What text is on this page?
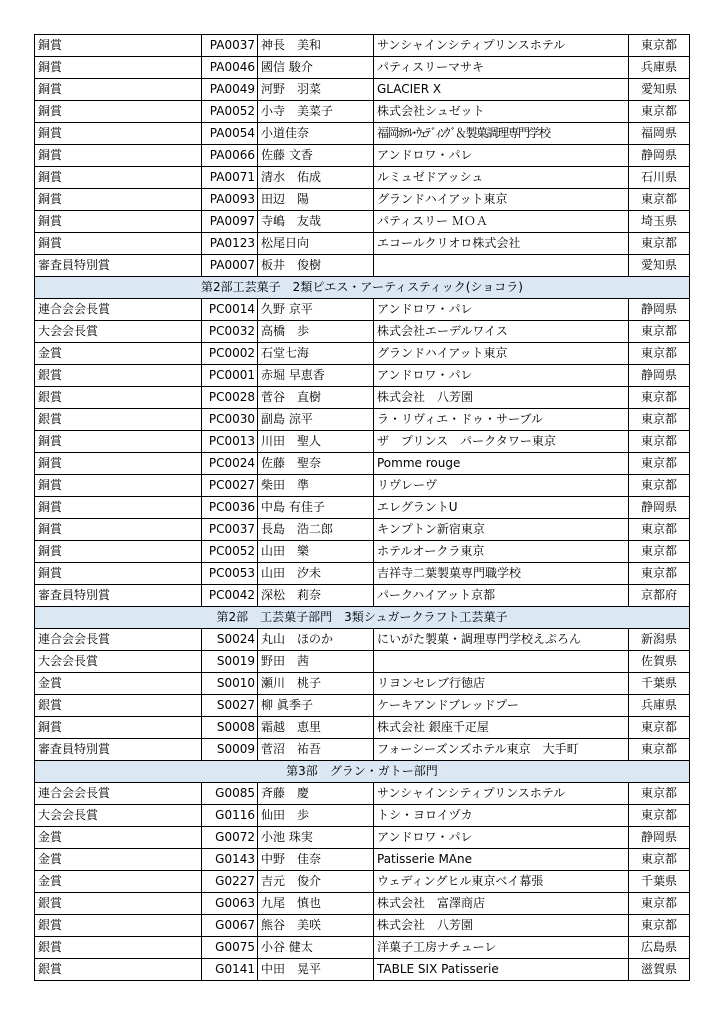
銅賞	PA0037	神長　美和	サンシャインシティプリンスホテル	東京都
銅賞	PA0046	國信 駿介	パティスリーマサキ	兵庫県
銅賞	PA0049	河野　羽菜	GLACIER X	愛知県
銅賞	PA0052	小寺　美菜子	株式会社シュゼット	東京都
銅賞	PA0054	小道佳奈	福岡ﾎﾃﾙ･ｳｪﾃﾞｨﾝｸﾞ＆製菓調理専門学校	福岡県
銅賞	PA0066	佐藤 文香	アンドロワ・パレ	静岡県
銅賞	PA0071	清水　佑成	ルミュゼドアッシュ	石川県
銅賞	PA0093	田辺　陽	グランドハイアット東京	東京都
銅賞	PA0097	寺嶋　友哉	パティスリー ＭＯＡ	埼玉県
銅賞	PA0123	松尾日向	エコールクリオロ株式会社	東京都
審査員特別賞	PA0007	板井　俊樹		愛知県
第2部工芸菓子　2類ピエス・アーティスティック(ショコラ)				
連合会会長賞	PC0014	久野 京平	アンドロワ・パレ	静岡県
大会会長賞	PC0032	高橋　歩	株式会社エーデルワイス	東京都
金賞	PC0002	石堂七海	グランドハイアット東京	東京都
銀賞	PC0001	赤堀 早恵香	アンドロワ・パレ	静岡県
銀賞	PC0028	菅谷　直樹	株式会社　八芳園	東京都
銀賞	PC0030	副島 涼平	ラ・リヴィエ・ドゥ・サーブル	東京都
銅賞	PC0013	川田　聖人	ザ　プリンス　パークタワー東京	東京都
銅賞	PC0024	佐藤　聖奈	Pomme rouge	東京都
銅賞	PC0027	柴田　準	リヴレーヴ	東京都
銅賞	PC0036	中島 有佳子	エレグラントU	静岡県
銅賞	PC0037	長島　浩二郎	キンプトン新宿東京	東京都
銅賞	PC0052	山田　樂	ホテルオークラ東京	東京都
銅賞	PC0053	山田　汐未	吉祥寺二葉製菓専門職学校	東京都
審査員特別賞	PC0042	深松　莉奈	パークハイアット京都	京都府
第2部　工芸菓子部門　3類シュガークラフト工芸菓子				
連合会会長賞	S0024	丸山　ほのか	にいがた製菓・調理専門学校えぷろん	新潟県
大会会長賞	S0019	野田　茜		佐賀県
金賞	S0010	瀬川　桃子	リヨンセレブ行徳店	千葉県
銀賞	S0027	柳 眞季子	ケーキアンドブレッドプー	兵庫県
銅賞	S0008	霜越　恵里	株式会社 銀座千疋屋	東京都
審査員特別賞	S0009	菅沼　祐吾	フォーシーズンズホテル東京　大手町	東京都
第3部　グラン・ガトー部門				
連合会会長賞	G0085	斉藤　慶	サンシャインシティプリンスホテル	東京都
大会会長賞	G0116	仙田　歩	トシ・ヨロイヅカ	東京都
金賞	G0072	小池 珠実	アンドロワ・パレ	静岡県
金賞	G0143	中野　佳奈	Patisserie MAne	東京都
金賞	G0227	吉元　俊介	ウェディングヒル東京ベイ幕張	千葉県
銀賞	G0063	九尾　慎也	株式会社　富澤商店	東京都
銀賞	G0067	熊谷　美咲	株式会社　八芳園	東京都
銀賞	G0075	小谷 健太	洋菓子工房ナチューレ	広島県
銀賞	G0141	中田　晃平	TABLE SIX Patisserie	滋賀県
